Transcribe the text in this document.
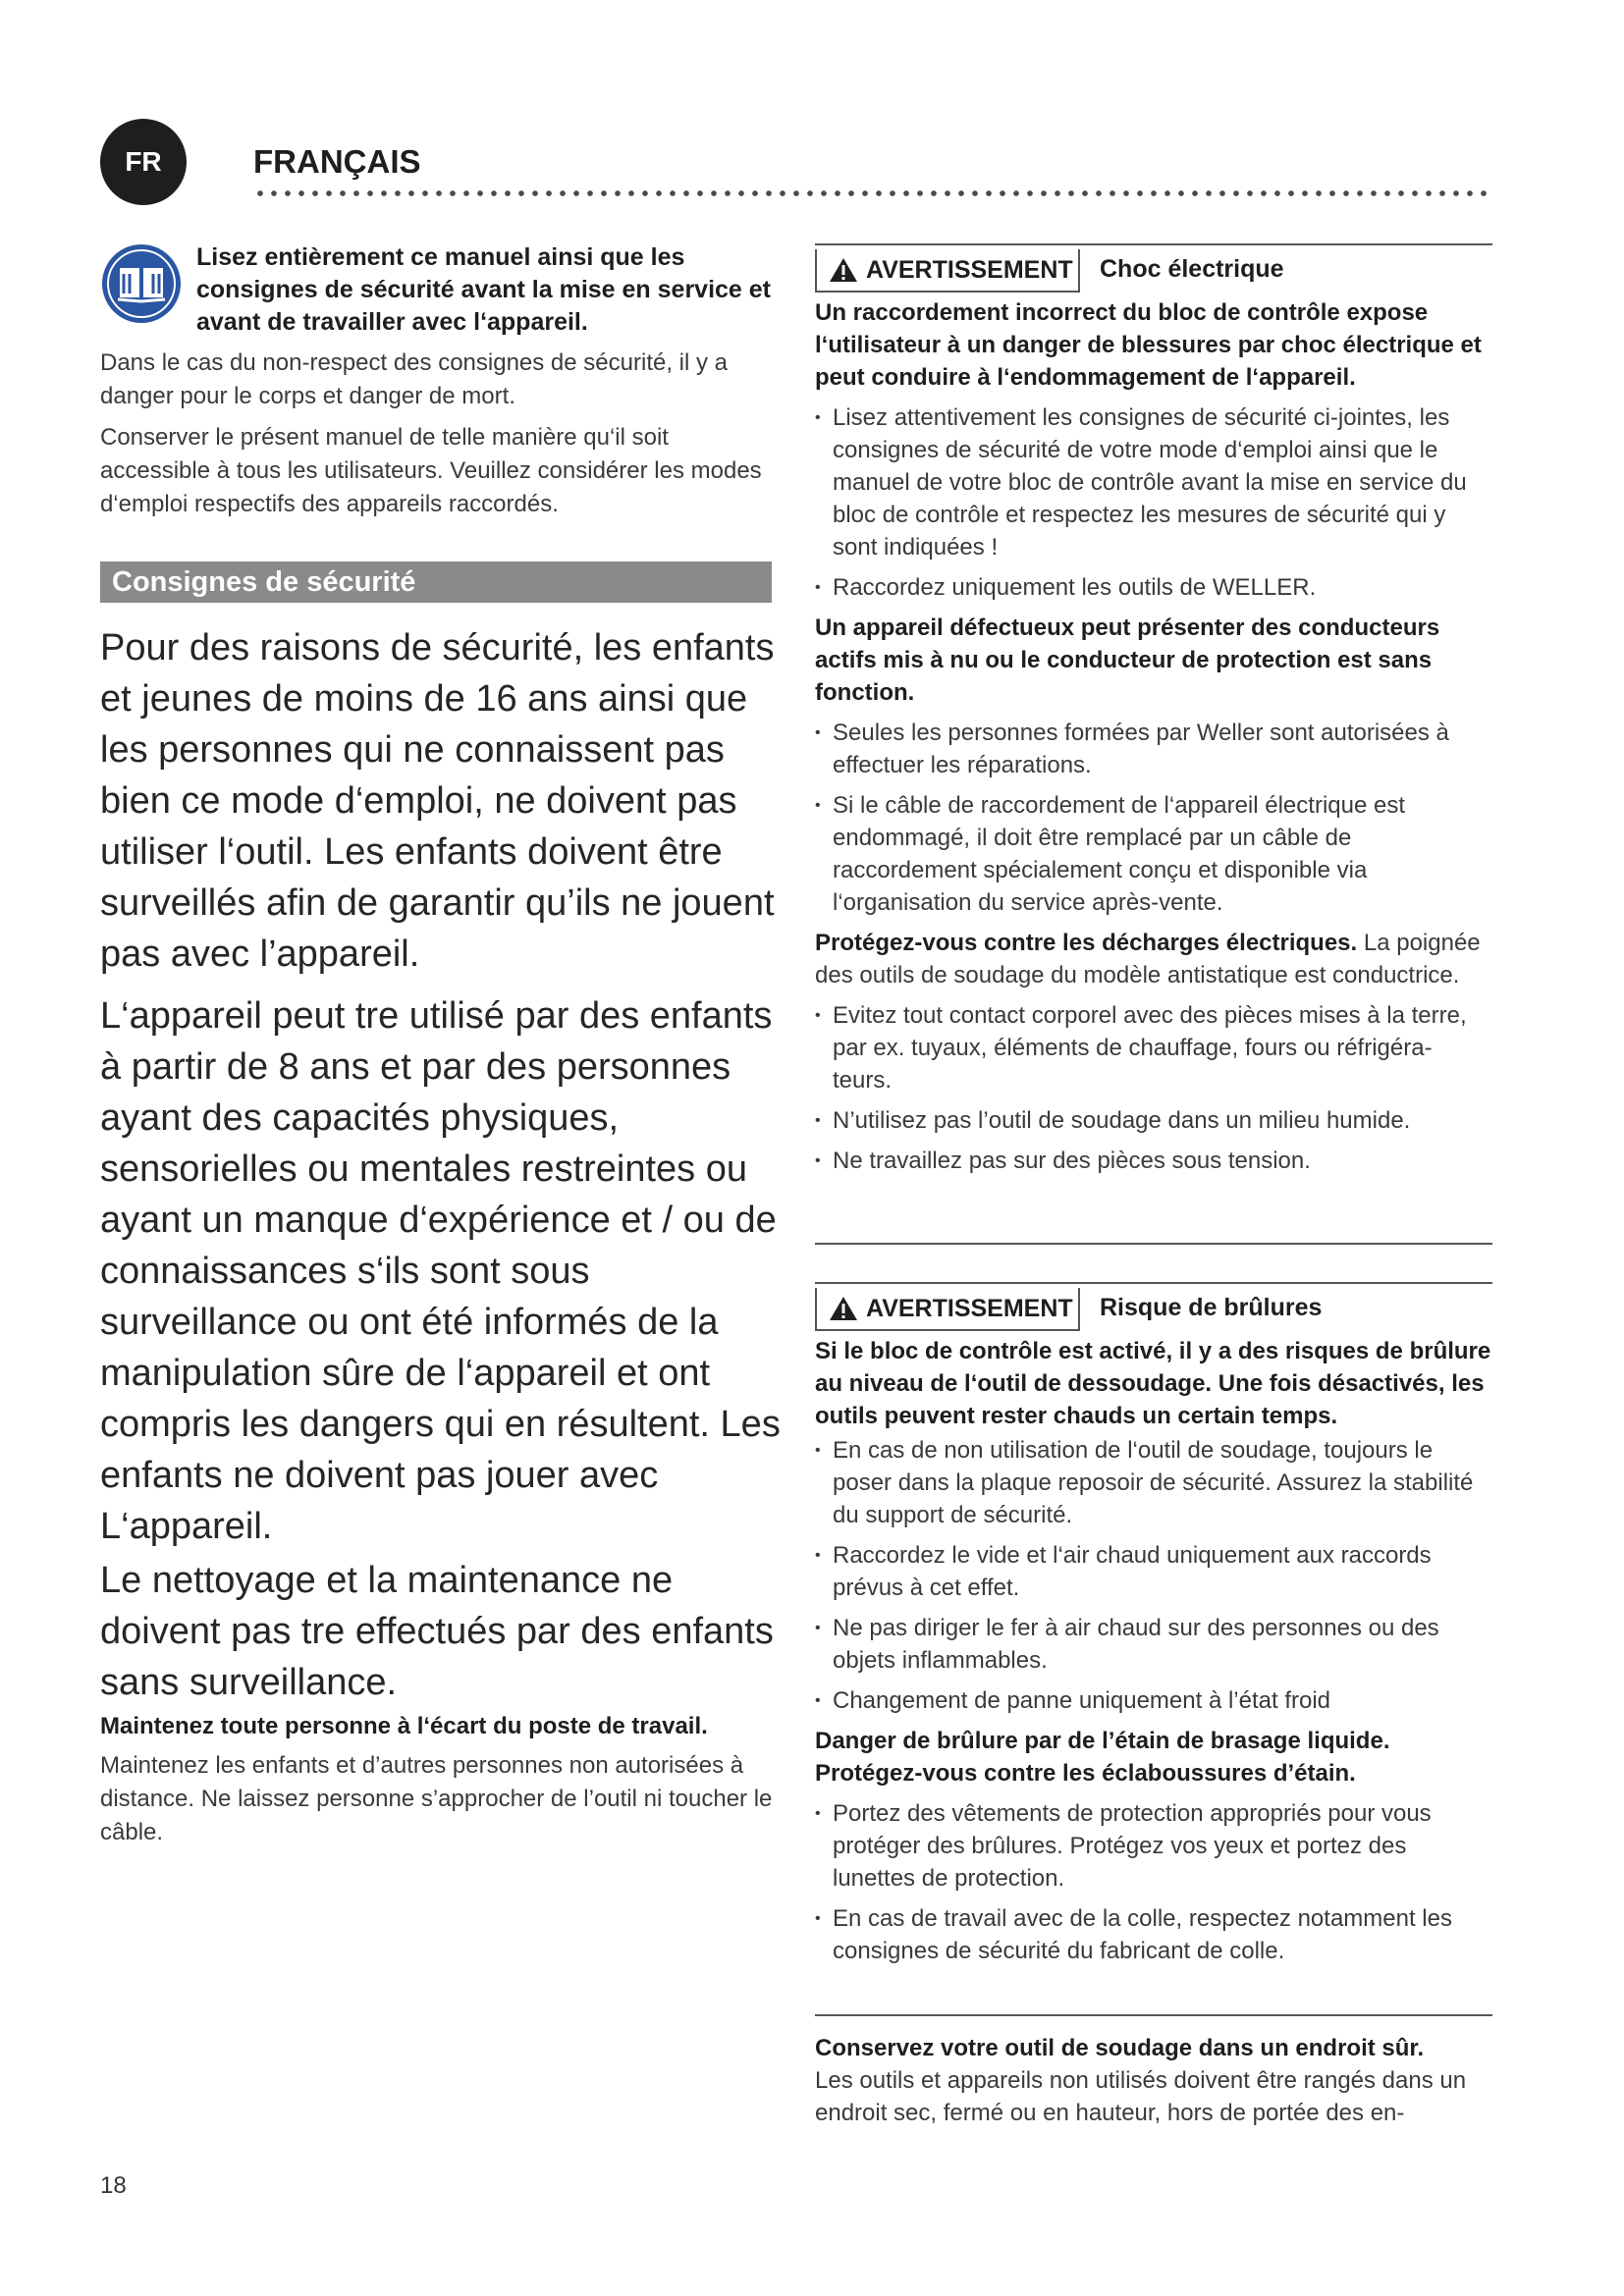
FR	FRANÇAIS

Lisez entièrement ce manuel ainsi que les consignes de sécurité avant la mise en service et avant de travailler avec l‘appareil.

Dans le cas du non-respect des consignes de sécurité, il y a danger pour le corps et danger de mort.

Conserver le présent manuel de telle manière qu‘il soit accessible à tous les utilisateurs. Veuillez considérer les modes d‘emploi respectifs des appareils raccordés.

Consignes de sécurité

Pour des raisons de sécurité, les enfants et jeunes de moins de 16 ans ainsi que les personnes qui ne connaissent pas bien ce mode d‘emploi, ne doivent pas utiliser l‘outil. Les enfants doivent être surveillés afin de garantir qu’ils ne jouent pas avec l’appareil.

L‘appareil peut tre utilisé par des enfants à partir de 8 ans et par des personnes ayant des capacités physiques, sensorielles ou mentales restreintes ou ayant un manque d‘expérience et / ou de connaissances s‘ils sont sous surveillance ou ont été informés de la manipulation sûre de l‘appareil et ont compris les dangers qui en résultent. Les enfants ne doivent pas jouer avec L‘appareil.

Le nettoyage et la maintenance ne doivent pas tre effectués par des enfants sans surveillance.

Maintenez toute personne à l‘écart du poste de travail.

Maintenez les enfants et d’autres personnes non autorisées à distance. Ne laissez personne s’approcher de l’outil ni toucher le câble.

AVERTISSEMENT Choc électrique

Un raccordement incorrect du bloc de contrôle expose l‘utilisateur à un danger de blessures par choc électrique et peut conduire à l‘endommagement de l‘appareil.

• Lisez attentivement les consignes de sécurité ci-jointes, les consignes de sécurité de votre mode d‘emploi ainsi que le manuel de votre bloc de contrôle avant la mise en service du bloc de contrôle et respectez les mesures de sécurité qui y sont indiquées !
• Raccordez uniquement les outils de WELLER.

Un appareil défectueux peut présenter des conducteurs actifs mis à nu ou le conducteur de protection est sans fonction.

• Seules les personnes formées par Weller sont autorisées à effectuer les réparations.
• Si le câble de raccordement de l‘appareil électrique est endommagé, il doit être remplacé par un câble de raccordement spécialement conçu et disponible via l‘organisation du service après-vente.

Protégez-vous contre les décharges électriques. La poignée des outils de soudage du modèle antistatique est conductrice.

• Evitez tout contact corporel avec des pièces mises à la terre, par ex. tuyaux, éléments de chauffage, fours ou réfrigéra- teurs.
• N’utilisez pas l’outil de soudage dans un milieu humide.
• Ne travaillez pas sur des pièces sous tension.
AVERTISSEMENT Risque de brûlures

Si le bloc de contrôle est activé, il y a des risques de brûlure au niveau de l‘outil de dessoudage. Une fois désactivés, les outils peuvent rester chauds un certain temps.

• En cas de non utilisation de l‘outil de soudage, toujours le poser dans la plaque reposoir de sécurité. Assurez la stabilité du support de sécurité.
• Raccordez le vide et l‘air chaud uniquement aux raccords prévus à cet effet.
• Ne pas diriger le fer à air chaud sur des personnes ou des objets inflammables.
• Changement de panne uniquement à l’état froid

Danger de brûlure par de l’étain de brasage liquide. Protégez-vous contre les éclaboussures d’étain.

• Portez des vêtements de protection appropriés pour vous protéger des brûlures. Protégez vos yeux et portez des lunettes de protection.
• En cas de travail avec de la colle, respectez notamment les consignes de sécurité du fabricant de colle.

Conservez votre outil de soudage dans un endroit sûr.

Les outils et appareils non utilisés doivent être rangés dans un endroit sec, fermé ou en hauteur, hors de portée des en-

18
